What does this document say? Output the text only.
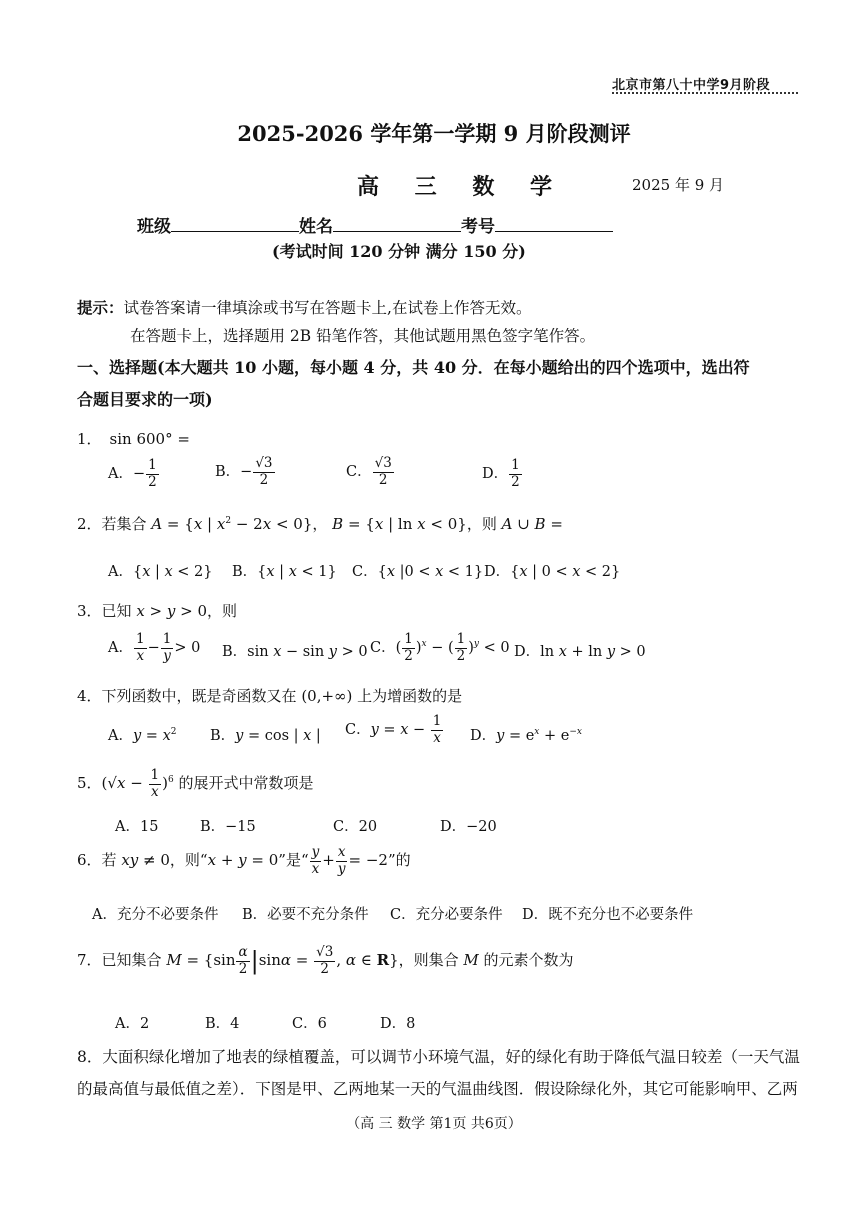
北京市第八十中学9月阶段
2025-2026 学年第一学期 9 月阶段测评
高 三 数 学	2025 年 9 月
班级	姓名	考号
(考试时间 120 分钟 满分 150 分)
提示：试卷答案请一律填涂或书写在答题卡上,在试卷上作答无效。
在答题卡上，选择题用 2B 铅笔作答，其他试题用黑色签字笔作答。
一、选择题(本大题共 10 小题，每小题 4 分，共 40 分．在每小题给出的四个选项中，选出符
合题目要求的一项)
1． sin 600° =
A．− $\frac{1}{2}$	B．− $\frac{√3}{2}$	C． $\frac{√3}{2}$	D． $\frac{1}{2}$
2．若集合 A = {x | $x^2 - 2x < 0$}， B = {x | ln x < 0}，则 A ∪ B =
A．{x | x < 2} B．{x | x < 1} C．{x |0 < x < 1} D．{x | 0 < x < 2}
3．已知 x > y > 0，则
A． $\frac{1}{x} - \frac{1}{y} > 0$ B．sin x − sin y > 0 C．( $\frac{1}{2} )^x$ − ( $\frac{1}{2} )^y < 0$ D．ln x + ln y > 0
4．下列函数中，既是奇函数又在 (0,+∞) 上为增函数的是
A．$y = x^2$ B．y = cos | x | C．$y = x - \frac{1}{x}$ D．$y = e^x + e^{-x}$
5．$(√x - \frac{1}{x} )^6$ 的展开式中常数项是
A．15	B．−15	C．20	D．−20
6．若 xy ≠ 0，则“x + y = 0”是“ $\frac{y}{x} + \frac{x}{y} = -2$”的
A．充分不必要条件 B．必要不充分条件 C．充分必要条件 D．既不充分也不必要条件
7．已知集合 $M = \{\sin \frac{\alpha}{2} |\sin\alpha = \frac{√3}{2}$ , α ∈ R}，则集合 M 的元素个数为
A．2	B．4	C．6	D．8
8．大面积绿化增加了地表的绿植覆盖，可以调节小环境气温，好的绿化有助于降低气温日较差（一天气温
的最高值与最低值之差）．下图是甲、乙两地某一天的气温曲线图．假设除绿化外，其它可能影响甲、乙两
（高 三 数学 第1页 共6页）
